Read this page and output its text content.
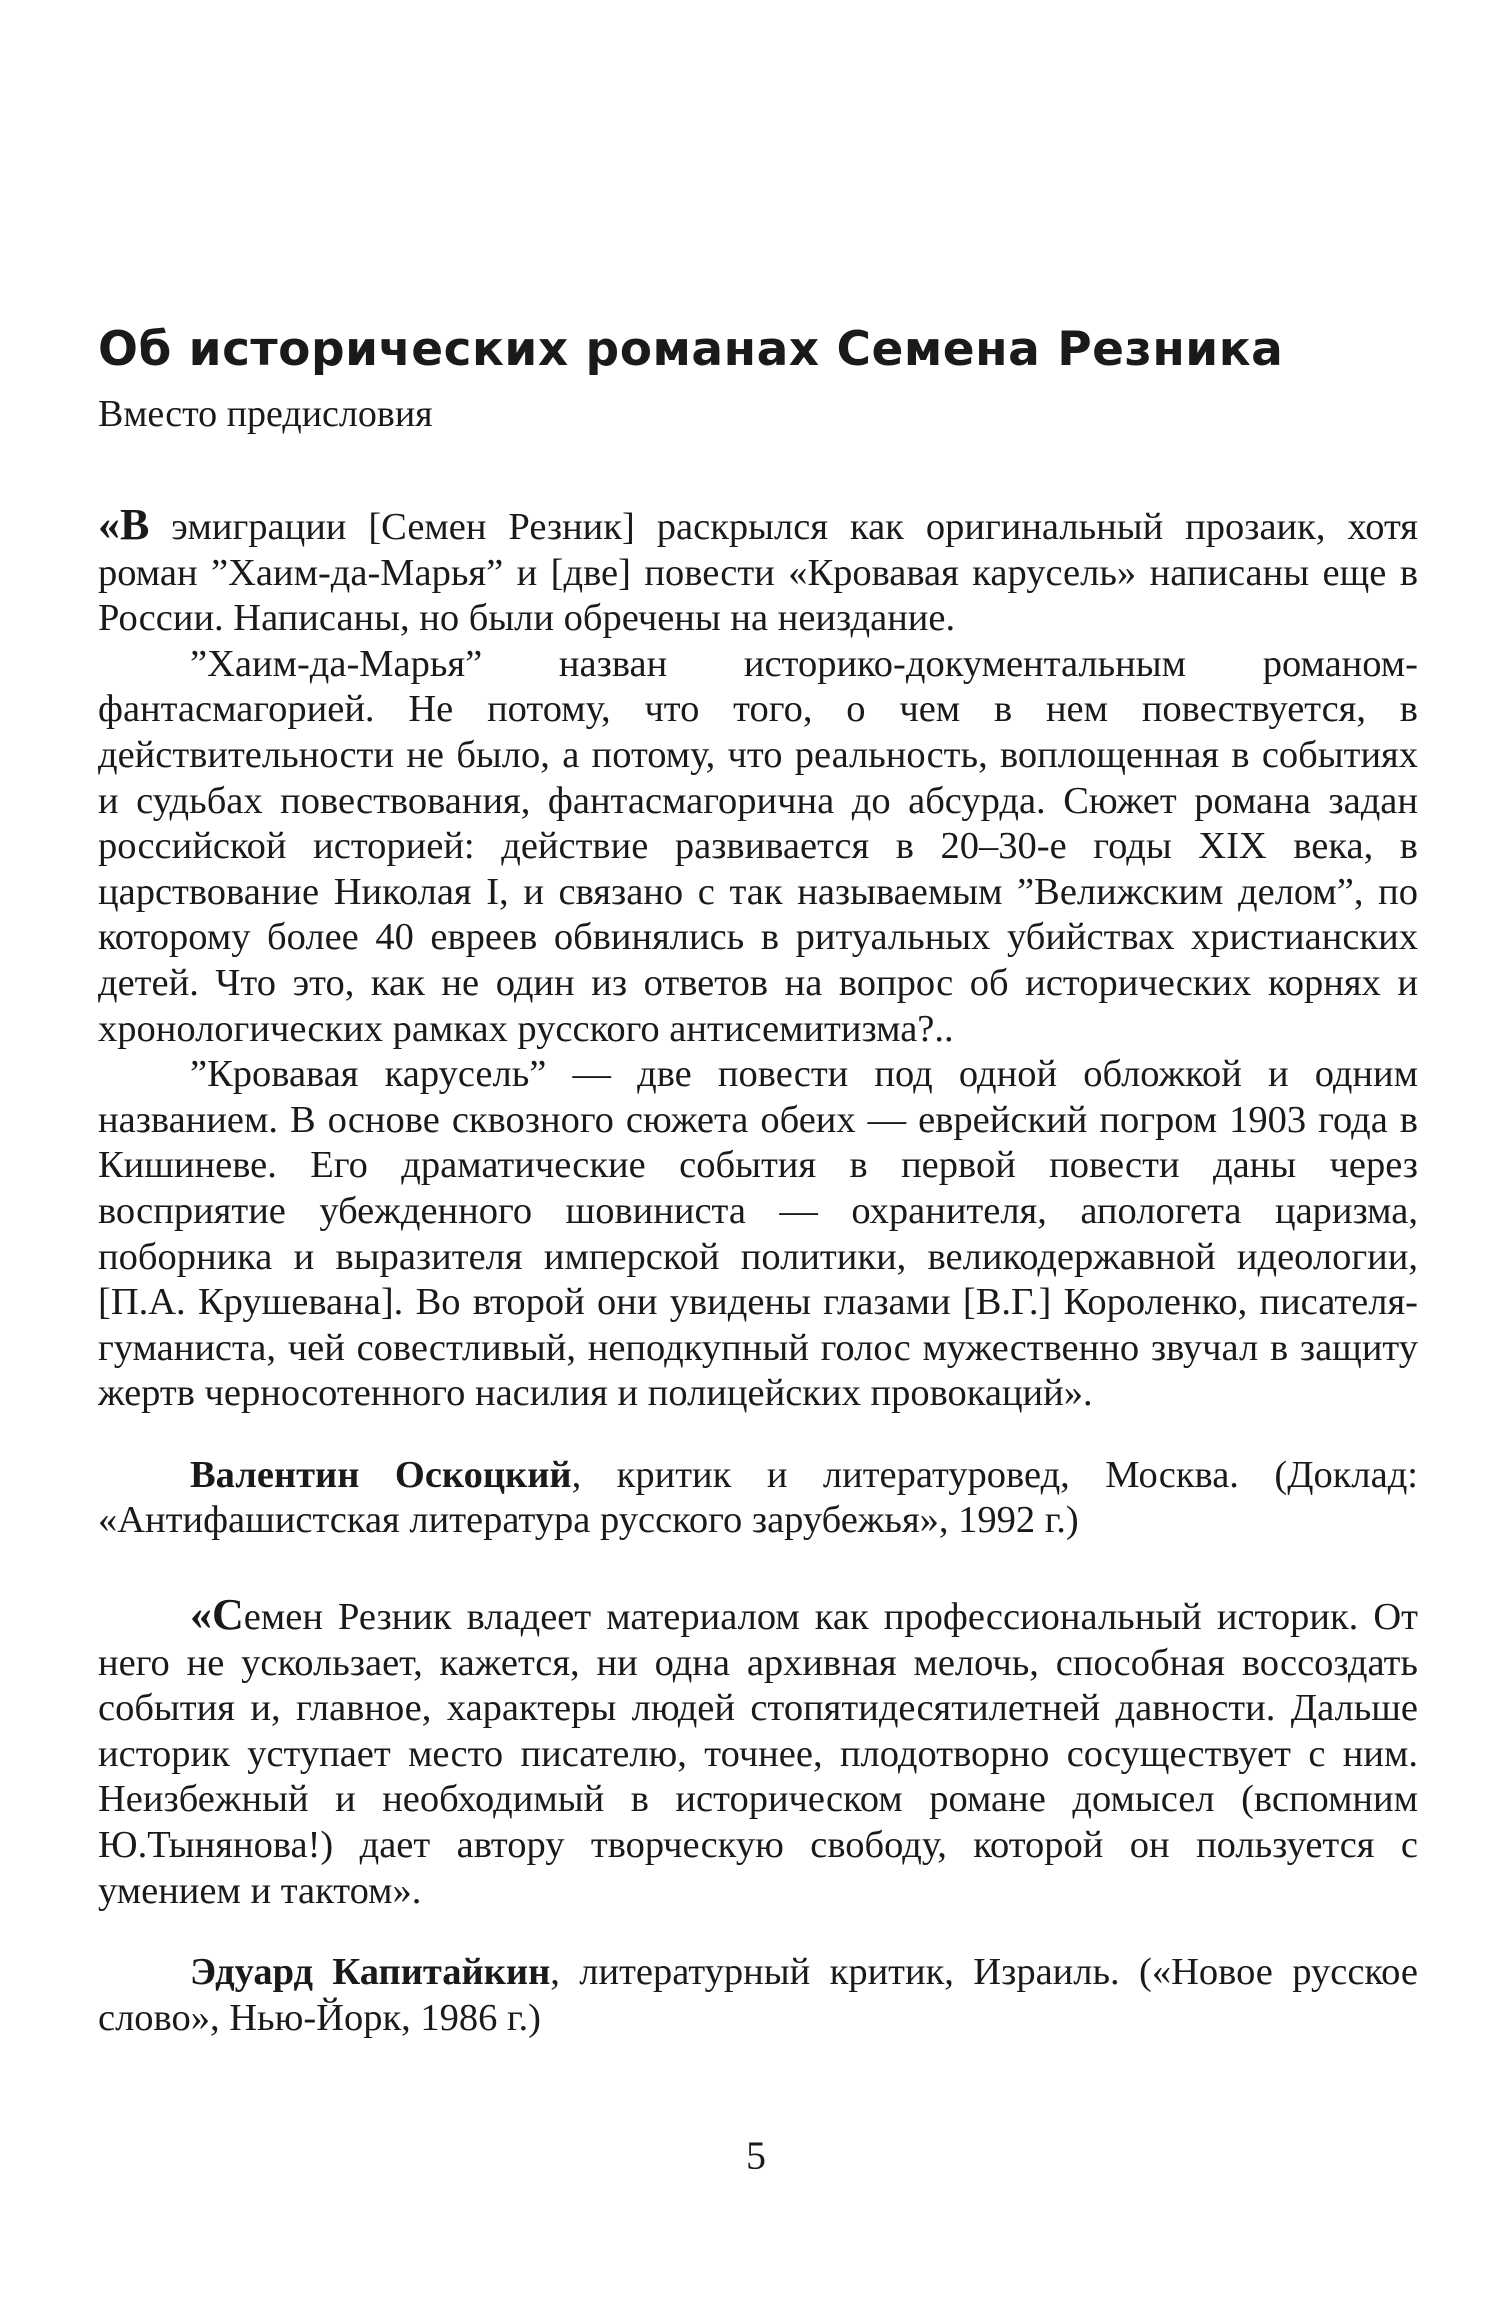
Об исторических романах Семена Резника
Вместо предисловия

«В эмиграции [Семен Резник] раскрылся как оригинальный прозаик, хотя роман ”Хаим-да-Марья” и [две] повести «Кровавая карусель» написаны еще в России. Написаны, но были обречены на неиздание.

”Хаим-да-Марья” назван историко-документальным романом-фантасмагорией. Не потому, что того, о чем в нем повествуется, в действительности не было, а потому, что реальность, воплощенная в событиях и судьбах повествования, фантасмагорична до абсурда. Сюжет романа задан российской историей: действие развивается в 20–30-е годы XIX века, в царствование Николая I, и связано с так называемым ”Велижским делом”, по которому более 40 евреев обвинялись в ритуальных убийствах христианских детей. Что это, как не один из ответов на вопрос об исторических корнях и хронологических рамках русского антисемитизма?..

”Кровавая карусель” — две повести под одной обложкой и одним названием. В основе сквозного сюжета обеих — еврейский погром 1903 года в Кишиневе. Его драматические события в первой повести даны через восприятие убежденного шовиниста — охранителя, апологета царизма, поборника и выразителя имперской политики, великодержавной идеологии, [П.А. Крушевана]. Во второй они увидены глазами [В.Г.] Короленко, писателя-гуманиста, чей совестливый, неподкупный голос мужественно звучал в защиту жертв черносотенного насилия и полицейских провокаций».

Валентин Оскоцкий, критик и литературовед, Москва. (Доклад: «Антифашистская литература русского зарубежья», 1992 г.)

«Семен Резник владеет материалом как профессиональный историк. От него не ускользает, кажется, ни одна архивная мелочь, способная воссоздать события и, главное, характеры людей стопятидесятилетней давности. Дальше историк уступает место писателю, точнее, плодотворно сосуществует с ним. Неизбежный и необходимый в историческом романе домысел (вспомним Ю.Тынянова!) дает автору творческую свободу, которой он пользуется с умением и тактом».

Эдуард Капитайкин, литературный критик, Израиль. («Новое русское слово», Нью-Йорк, 1986 г.)

5
